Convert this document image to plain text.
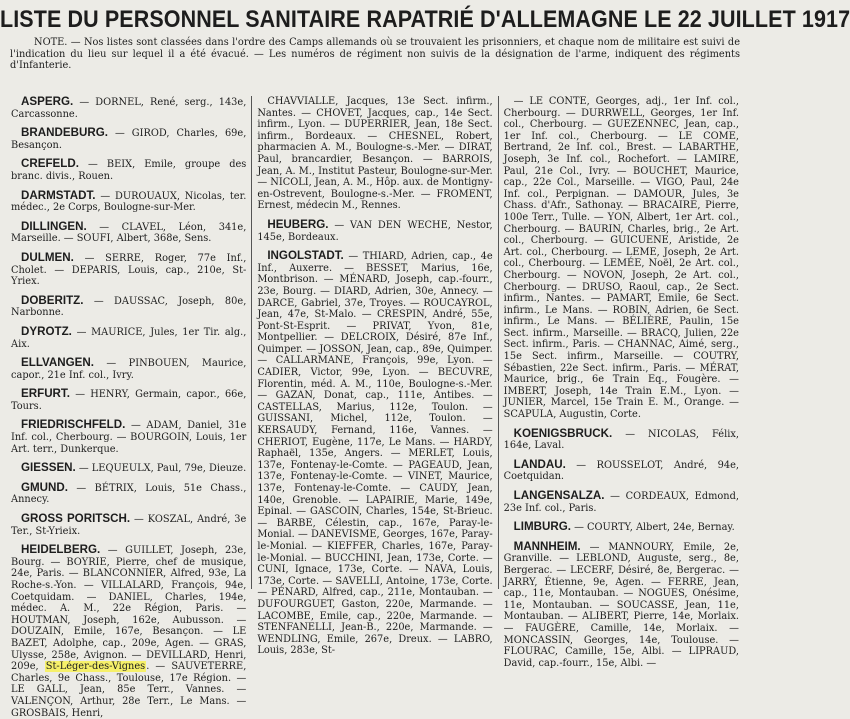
LISTE DU PERSONNEL SANITAIRE RAPATRIÉ D'ALLEMAGNE LE 22 JUILLET 1917
NOTE. — Nos listes sont classées dans l'ordre des Camps allemands où se trouvaient les prisonniers, et chaque nom de militaire est suivi de l'indication du lieu sur lequel il a été évacué. — Les numéros de régiment non suivis de la désignation de l'arme, indiquent des régiments d'Infanterie.

ASPERG. — DORNEL, René, serg., 143e, Carcassonne.

BRANDEBURG. — GIROD, Charles, 69e, Besançon.

CREFELD. — BEIX, Emile, groupe des branc. divis., Rouen.

DARMSTADT. — DUROUAUX, Nicolas, ter. médec., 2e Corps, Boulogne-sur-Mer.

DILLINGEN. — CLAVEL, Léon, 341e, Marseille. — SOUFI, Albert, 368e, Sens.

DULMEN. — SERRE, Roger, 77e Inf., Cholet. — DEPARIS, Louis, cap., 210e, St-Yriex.

DOBERITZ. — DAUSSAC, Joseph, 80e, Narbonne.

DYROTZ. — MAURICE, Jules, 1er Tir. alg., Aix.

ELLVANGEN. — PINBOUEN, Maurice, capor., 21e Inf. col., Ivry.

ERFURT. — HENRY, Germain, capor., 66e, Tours.

FRIEDRISCHFELD. — ADAM, Daniel, 31e Inf. col., Cherbourg. — BOURGOIN, Louis, 1er Art. terr., Dunkerque.

GIESSEN. — LEQUEULX, Paul, 79e, Dieuze.

GMUND. — BÉTRIX, Louis, 51e Chass., Annecy.

GROSS PORITSCH. — KOSZAL, André, 3e Ter., St-Yrieix.

HEIDELBERG. — GUILLET, Joseph, 23e, Bourg. — BOYRIE, Pierre, chef de musique, 24e, Paris. — BLANCONNIER, Alfred, 93e, La Roche-s.-Yon. — VILLALARD, François, 94e, Coetquidam. — DANIEL, Charles, 194e, médec. A. M., 22e Région, Paris. — HOUTMAN, Joseph, 162e, Aubusson. — DOUZAIN, Emile, 167e, Besançon. — LE BAZET, Adolphe, cap., 209e, Agen. — GRAS, Ulysse, 258e, Avignon. — DEVILLARD, Henri, 209e, St-Léger-des-Vignes. — SAUVETERRE, Charles, 9e Chass., Toulouse, 17e Région. — LE GALL, Jean, 85e Terr., Vannes. — VALENÇON, Arthur, 28e Terr., Le Mans. — GROSBAIS, Henri,

CHAVVIALLE, Jacques, 13e Sect. infirm., Nantes. — CHOVET, Jacques, cap., 14e Sect. infirm., Lyon. — DUPERRIER, Jean, 18e Sect. infirm., Bordeaux. — CHESNEL, Robert, pharmacien A. M., Boulogne-s.-Mer. — DIRAT, Paul, brancardier, Besançon. — BARROIS, Jean, A. M., Institut Pasteur, Boulogne-sur-Mer. — NICOLI, Jean, A. M., Hôp. aux. de Montigny-en-Ostrevent, Boulogne-s.-Mer. — FROMENT, Ernest, médecin M., Rennes.

HEUBERG. — VAN DEN WECHE, Nestor, 145e, Bordeaux.

INGOLSTADT. — THIARD, Adrien, cap., 4e Inf., Auxerre. — BESSET, Marius, 16e, Montbrison. — MÉNARD, Joseph, cap.-fourr., 23e, Bourg. — DIARD, Adrien, 30e, Annecy. — DARCE, Gabriel, 37e, Troyes. — ROUCAYROL, Jean, 47e, St-Malo. — CRESPIN, André, 55e, Pont-St-Esprit. — PRIVAT, Yvon, 81e, Montpellier. — DELCROIX, Désiré, 87e Inf., Quimper. — JOSSON, Jean, cap., 89e, Quimper. — CALLARMANE, François, 99e, Lyon. — CADIER, Victor, 99e, Lyon. — BECUVRE, Florentin, méd. A. M., 110e, Boulogne-s.-Mer. — GAZAN, Donat, cap., 111e, Antibes. — CASTELLAS, Marius, 112e, Toulon. — GUISSANI, Michel, 112e, Toulon. — KERSAUDY, Fernand, 116e, Vannes. — CHERIOT, Eugène, 117e, Le Mans. — HARDY, Raphaël, 135e, Angers. — MERLET, Louis, 137e, Fontenay-le-Comte. — PAGEAUD, Jean, 137e, Fontenay-le-Comte. — VINET, Maurice, 137e, Fontenay-le-Comte. — CAUDY, Jean, 140e, Grenoble. — LAPAIRIE, Marie, 149e, Epinal. — GASCOIN, Charles, 154e, St-Brieuc. — BARBE, Célestin, cap., 167e, Paray-le-Monial. — DANEVISME, Georges, 167e, Paray-le-Monial. — KIEFFER, Charles, 167e, Paray-le-Monial. — BUCCHINI, Jean, 173e, Corte. — CUNI, Ignace, 173e, Corte. — NAVA, Louis, 173e, Corte. — SAVELLI, Antoine, 173e, Corte. — PÉNARD, Alfred, cap., 211e, Montauban. — DUFOURGUET, Gaston, 220e, Marmande. — LACOMBE, Emile, cap., 220e, Marmande. — STENFANELLI, Jean-B., 220e, Marmande. — WENDLING, Emile, 267e, Dreux. — LABRO, Louis, 283e, St-

— LE CONTE, Georges, adj., 1er Inf. col., Cherbourg. — DURRWELL, Georges, 1er Inf. col., Cherbourg. — GUEZENNEC, Jean, cap., 1er Inf. col., Cherbourg. — LE COME, Bertrand, 2e Inf. col., Brest. — LABARTHE, Joseph, 3e Inf. col., Rochefort. — LAMIRE, Paul, 21e Col., Ivry. — BOUCHET, Maurice, cap., 22e Col., Marseille. — VIGO, Paul, 24e Inf. col., Perpignan. — DAMOUR, Jules, 3e Chass. d'Afr., Sathonay. — BRACAIRE, Pierre, 100e Terr., Tulle. — YON, Albert, 1er Art. col., Cherbourg. — BAURIN, Charles, brig., 2e Art. col., Cherbourg. — GUICUENE, Aristide, 2e Art. col., Cherbourg. — LEME, Joseph, 2e Art. col., Cherbourg. — LEMÉE, Noël, 2e Art. col., Cherbourg. — NOVON, Joseph, 2e Art. col., Cherbourg. — DRUSO, Raoul, cap., 2e Sect. infirm., Nantes. — PAMART, Emile, 6e Sect. infirm., Le Mans. — ROBIN, Adrien, 6e Sect. infirm., Le Mans. — BÉLIÈRE, Paulin, 15e Sect. infirm., Marseille. — BRACQ, Julien, 22e Sect. infirm., Paris. — CHANNAC, Aimé, serg., 15e Sect. infirm., Marseille. — COUTRY, Sébastien, 22e Sect. infirm., Paris. — MÉRAT, Maurice, brig., 6e Train Eq., Fougère. — IMBERT, Joseph, 14e Train E.M., Lyon. — JUNIER, Marcel, 15e Train E. M., Orange. — SCAPULA, Augustin, Corte.

KOENIGSBRUCK. — NICOLAS, Félix, 164e, Laval.

LANDAU. — ROUSSELOT, André, 94e, Coetquidan.

LANGENSALZA. — CORDEAUX, Edmond, 23e Inf. col., Paris.

LIMBURG. — COURTY, Albert, 24e, Bernay.

MANNHEIM. — MANNOURY, Emile, 2e, Granville. — LEBLOND, Auguste, serg., 8e, Bergerac. — LECERF, Désiré, 8e, Bergerac. — JARRY, Étienne, 9e, Agen. — FERRE, Jean, cap., 11e, Montauban. — NOGUES, Onésime, 11e, Montauban. — SOUCASSE, Jean, 11e, Montauban. — ALIBERT, Pierre, 14e, Morlaix. — FAUGÈRE, Camille, 14e, Morlaix. — MONCASSIN, Georges, 14e, Toulouse. — FLOURAC, Camille, 15e, Albi. — LIPRAUD, David, cap.-fourr., 15e, Albi. —
